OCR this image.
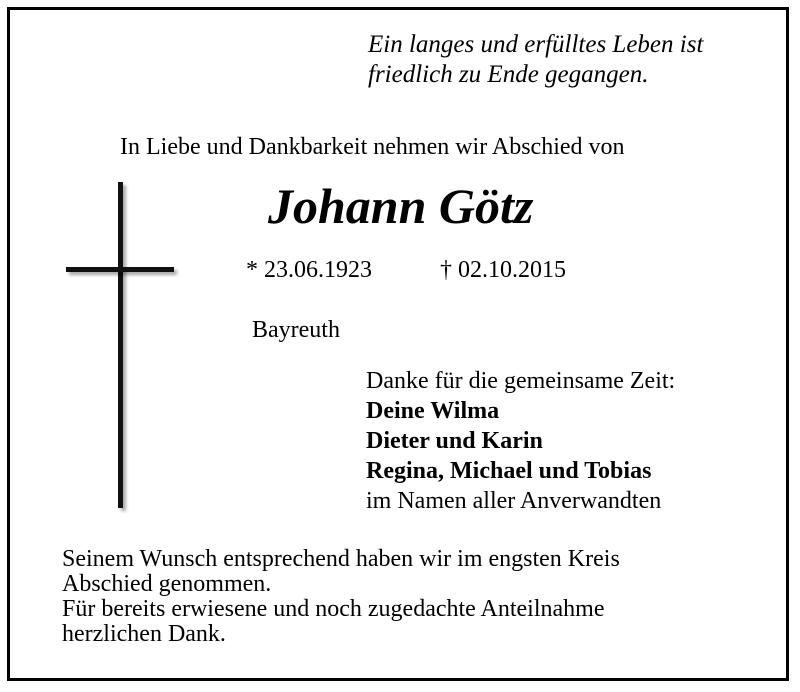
Ein langes und erfülltes Leben ist
friedlich zu Ende gegangen.
In Liebe und Dankbarkeit nehmen wir Abschied von
Johann Götz
* 23.06.1923	† 02.10.2015
Bayreuth
Danke für die gemeinsame Zeit:
Deine Wilma
Dieter und Karin
Regina, Michael und Tobias
im Namen aller Anverwandten
Seinem Wunsch entsprechend haben wir im engsten Kreis
Abschied genommen.
Für bereits erwiesene und noch zugedachte Anteilnahme
herzlichen Dank.
